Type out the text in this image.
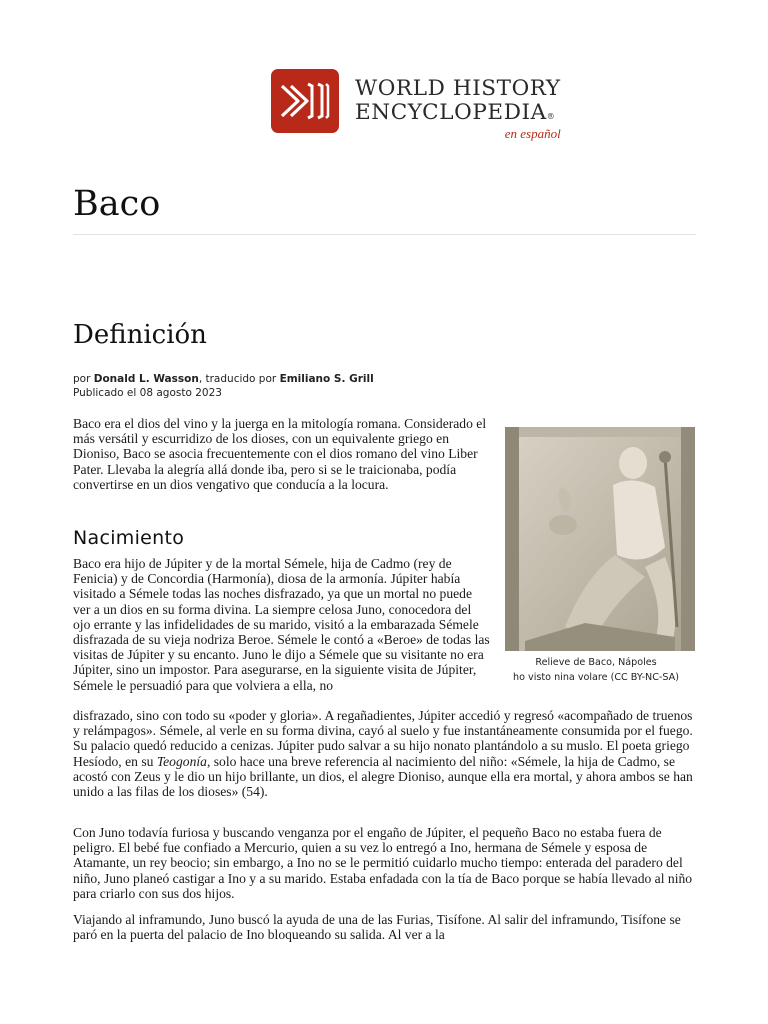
WORLD HISTORY
ENCYCLOPEDIA®
en español
Baco
Definición
por Donald L. Wasson, traducido por Emiliano S. Grill
Publicado el 08 agosto 2023
Relieve de Baco, Nápoles
ho visto nina volare (CC BY-NC-SA)

Baco era el dios del vino y la juerga en la mitología romana. Considerado el más versátil y escurridizo de los dioses, con un equivalente griego en Dioniso, Baco se asocia frecuentemente con el dios romano del vino Liber Pater. Llevaba la alegría allá donde iba, pero si se le traicionaba, podía convertirse en un dios vengativo que conducía a la locura.

Nacimiento

Baco era hijo de Júpiter y de la mortal Sémele, hija de Cadmo (rey de Fenicia) y de Concordia (Harmonía), diosa de la armonía. Júpiter había visitado a Sémele todas las noches disfrazado, ya que un mortal no puede ver a un dios en su forma divina. La siempre celosa Juno, conocedora del ojo errante y las infidelidades de su marido, visitó a la embarazada Sémele disfrazada de su vieja nodriza Beroe. Sémele le contó a «Beroe» de todas las visitas de Júpiter y su encanto. Juno le dijo a Sémele que su visitante no era Júpiter, sino un impostor. Para asegurarse, en la siguiente visita de Júpiter, Sémele le persuadió para que volviera a ella, no

disfrazado, sino con todo su «poder y gloria». A regañadientes, Júpiter accedió y regresó «acompañado de truenos y relámpagos». Sémele, al verle en su forma divina, cayó al suelo y fue instantáneamente consumida por el fuego. Su palacio quedó reducido a cenizas. Júpiter pudo salvar a su hijo nonato plantándolo a su muslo. El poeta griego Hesíodo, en su Teogonía, solo hace una breve referencia al nacimiento del niño: «Sémele, la hija de Cadmo, se acostó con Zeus y le dio un hijo brillante, un dios, el alegre Dioniso, aunque ella era mortal, y ahora ambos se han unido a las filas de los dioses» (54).

Con Juno todavía furiosa y buscando venganza por el engaño de Júpiter, el pequeño Baco no estaba fuera de peligro. El bebé fue confiado a Mercurio, quien a su vez lo entregó a Ino, hermana de Sémele y esposa de Atamante, un rey beocio; sin embargo, a Ino no se le permitió cuidarlo mucho tiempo: enterada del paradero del niño, Juno planeó castigar a Ino y a su marido. Estaba enfadada con la tía de Baco porque se había llevado al niño para criarlo con sus dos hijos.

Viajando al inframundo, Juno buscó la ayuda de una de las Furias, Tisífone. Al salir del inframundo, Tisífone se paró en la puerta del palacio de Ino bloqueando su salida. Al ver a la
